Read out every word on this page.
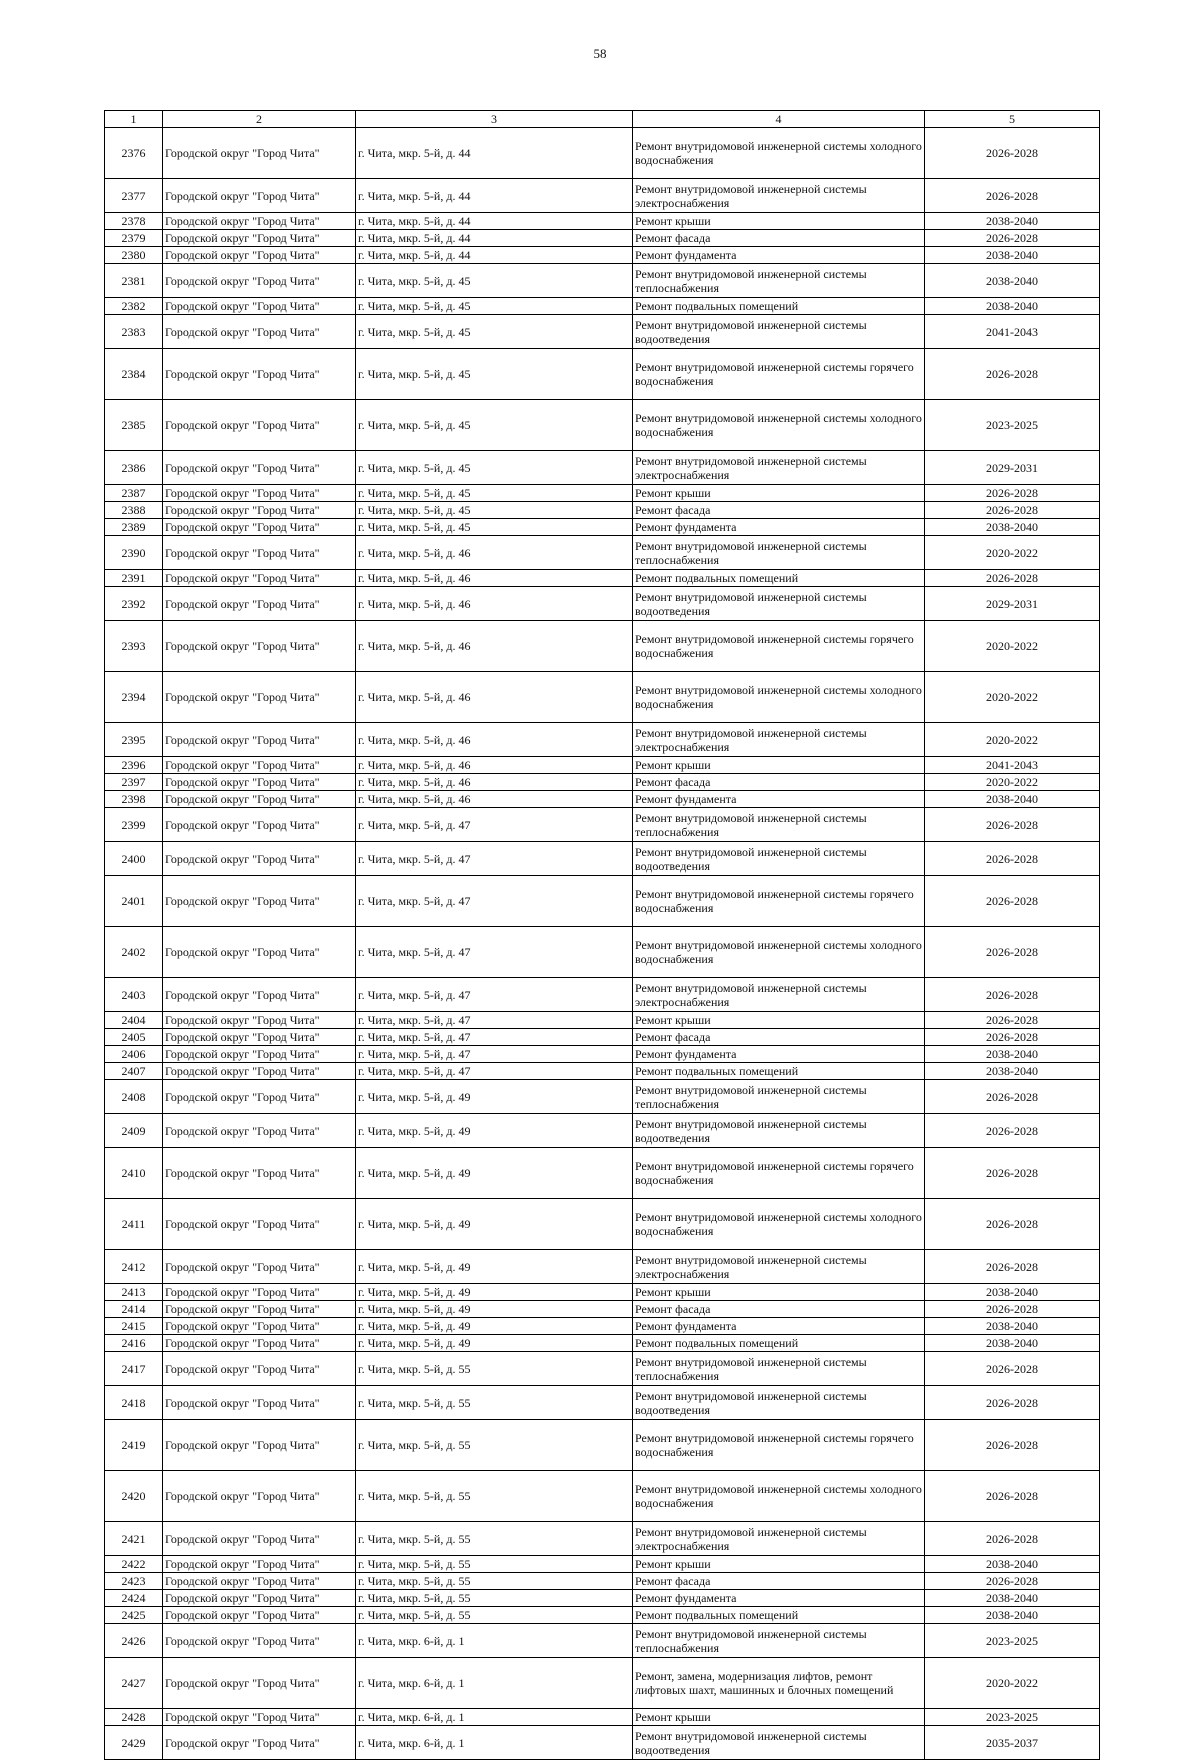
58
1	2	3	4	5
2376	Городской округ "Город Чита"	г. Чита, мкр. 5-й, д. 44	Ремонт внутридомовой инженерной системы холодного водоснабжения	2026-2028
2377	Городской округ "Город Чита"	г. Чита, мкр. 5-й, д. 44	Ремонт внутридомовой инженерной системы электроснабжения	2026-2028
2378	Городской округ "Город Чита"	г. Чита, мкр. 5-й, д. 44	Ремонт крыши	2038-2040
2379	Городской округ "Город Чита"	г. Чита, мкр. 5-й, д. 44	Ремонт фасада	2026-2028
2380	Городской округ "Город Чита"	г. Чита, мкр. 5-й, д. 44	Ремонт фундамента	2038-2040
2381	Городской округ "Город Чита"	г. Чита, мкр. 5-й, д. 45	Ремонт внутридомовой инженерной системы теплоснабжения	2038-2040
2382	Городской округ "Город Чита"	г. Чита, мкр. 5-й, д. 45	Ремонт подвальных помещений	2038-2040
2383	Городской округ "Город Чита"	г. Чита, мкр. 5-й, д. 45	Ремонт внутридомовой инженерной системы водоотведения	2041-2043
2384	Городской округ "Город Чита"	г. Чита, мкр. 5-й, д. 45	Ремонт внутридомовой инженерной системы горячего водоснабжения	2026-2028
2385	Городской округ "Город Чита"	г. Чита, мкр. 5-й, д. 45	Ремонт внутридомовой инженерной системы холодного водоснабжения	2023-2025
2386	Городской округ "Город Чита"	г. Чита, мкр. 5-й, д. 45	Ремонт внутридомовой инженерной системы электроснабжения	2029-2031
2387	Городской округ "Город Чита"	г. Чита, мкр. 5-й, д. 45	Ремонт крыши	2026-2028
2388	Городской округ "Город Чита"	г. Чита, мкр. 5-й, д. 45	Ремонт фасада	2026-2028
2389	Городской округ "Город Чита"	г. Чита, мкр. 5-й, д. 45	Ремонт фундамента	2038-2040
2390	Городской округ "Город Чита"	г. Чита, мкр. 5-й, д. 46	Ремонт внутридомовой инженерной системы теплоснабжения	2020-2022
2391	Городской округ "Город Чита"	г. Чита, мкр. 5-й, д. 46	Ремонт подвальных помещений	2026-2028
2392	Городской округ "Город Чита"	г. Чита, мкр. 5-й, д. 46	Ремонт внутридомовой инженерной системы водоотведения	2029-2031
2393	Городской округ "Город Чита"	г. Чита, мкр. 5-й, д. 46	Ремонт внутридомовой инженерной системы горячего водоснабжения	2020-2022
2394	Городской округ "Город Чита"	г. Чита, мкр. 5-й, д. 46	Ремонт внутридомовой инженерной системы холодного водоснабжения	2020-2022
2395	Городской округ "Город Чита"	г. Чита, мкр. 5-й, д. 46	Ремонт внутридомовой инженерной системы электроснабжения	2020-2022
2396	Городской округ "Город Чита"	г. Чита, мкр. 5-й, д. 46	Ремонт крыши	2041-2043
2397	Городской округ "Город Чита"	г. Чита, мкр. 5-й, д. 46	Ремонт фасада	2020-2022
2398	Городской округ "Город Чита"	г. Чита, мкр. 5-й, д. 46	Ремонт фундамента	2038-2040
2399	Городской округ "Город Чита"	г. Чита, мкр. 5-й, д. 47	Ремонт внутридомовой инженерной системы теплоснабжения	2026-2028
2400	Городской округ "Город Чита"	г. Чита, мкр. 5-й, д. 47	Ремонт внутридомовой инженерной системы водоотведения	2026-2028
2401	Городской округ "Город Чита"	г. Чита, мкр. 5-й, д. 47	Ремонт внутридомовой инженерной системы горячего водоснабжения	2026-2028
2402	Городской округ "Город Чита"	г. Чита, мкр. 5-й, д. 47	Ремонт внутридомовой инженерной системы холодного водоснабжения	2026-2028
2403	Городской округ "Город Чита"	г. Чита, мкр. 5-й, д. 47	Ремонт внутридомовой инженерной системы электроснабжения	2026-2028
2404	Городской округ "Город Чита"	г. Чита, мкр. 5-й, д. 47	Ремонт крыши	2026-2028
2405	Городской округ "Город Чита"	г. Чита, мкр. 5-й, д. 47	Ремонт фасада	2026-2028
2406	Городской округ "Город Чита"	г. Чита, мкр. 5-й, д. 47	Ремонт фундамента	2038-2040
2407	Городской округ "Город Чита"	г. Чита, мкр. 5-й, д. 47	Ремонт подвальных помещений	2038-2040
2408	Городской округ "Город Чита"	г. Чита, мкр. 5-й, д. 49	Ремонт внутридомовой инженерной системы теплоснабжения	2026-2028
2409	Городской округ "Город Чита"	г. Чита, мкр. 5-й, д. 49	Ремонт внутридомовой инженерной системы водоотведения	2026-2028
2410	Городской округ "Город Чита"	г. Чита, мкр. 5-й, д. 49	Ремонт внутридомовой инженерной системы горячего водоснабжения	2026-2028
2411	Городской округ "Город Чита"	г. Чита, мкр. 5-й, д. 49	Ремонт внутридомовой инженерной системы холодного водоснабжения	2026-2028
2412	Городской округ "Город Чита"	г. Чита, мкр. 5-й, д. 49	Ремонт внутридомовой инженерной системы электроснабжения	2026-2028
2413	Городской округ "Город Чита"	г. Чита, мкр. 5-й, д. 49	Ремонт крыши	2038-2040
2414	Городской округ "Город Чита"	г. Чита, мкр. 5-й, д. 49	Ремонт фасада	2026-2028
2415	Городской округ "Город Чита"	г. Чита, мкр. 5-й, д. 49	Ремонт фундамента	2038-2040
2416	Городской округ "Город Чита"	г. Чита, мкр. 5-й, д. 49	Ремонт подвальных помещений	2038-2040
2417	Городской округ "Город Чита"	г. Чита, мкр. 5-й, д. 55	Ремонт внутридомовой инженерной системы теплоснабжения	2026-2028
2418	Городской округ "Город Чита"	г. Чита, мкр. 5-й, д. 55	Ремонт внутридомовой инженерной системы водоотведения	2026-2028
2419	Городской округ "Город Чита"	г. Чита, мкр. 5-й, д. 55	Ремонт внутридомовой инженерной системы горячего водоснабжения	2026-2028
2420	Городской округ "Город Чита"	г. Чита, мкр. 5-й, д. 55	Ремонт внутридомовой инженерной системы холодного водоснабжения	2026-2028
2421	Городской округ "Город Чита"	г. Чита, мкр. 5-й, д. 55	Ремонт внутридомовой инженерной системы электроснабжения	2026-2028
2422	Городской округ "Город Чита"	г. Чита, мкр. 5-й, д. 55	Ремонт крыши	2038-2040
2423	Городской округ "Город Чита"	г. Чита, мкр. 5-й, д. 55	Ремонт фасада	2026-2028
2424	Городской округ "Город Чита"	г. Чита, мкр. 5-й, д. 55	Ремонт фундамента	2038-2040
2425	Городской округ "Город Чита"	г. Чита, мкр. 5-й, д. 55	Ремонт подвальных помещений	2038-2040
2426	Городской округ "Город Чита"	г. Чита, мкр. 6-й, д. 1	Ремонт внутридомовой инженерной системы теплоснабжения	2023-2025
2427	Городской округ "Город Чита"	г. Чита, мкр. 6-й, д. 1	Ремонт, замена, модернизация лифтов, ремонт лифтовых шахт, машинных и блочных помещений	2020-2022
2428	Городской округ "Город Чита"	г. Чита, мкр. 6-й, д. 1	Ремонт крыши	2023-2025
2429	Городской округ "Город Чита"	г. Чита, мкр. 6-й, д. 1	Ремонт внутридомовой инженерной системы водоотведения	2035-2037
